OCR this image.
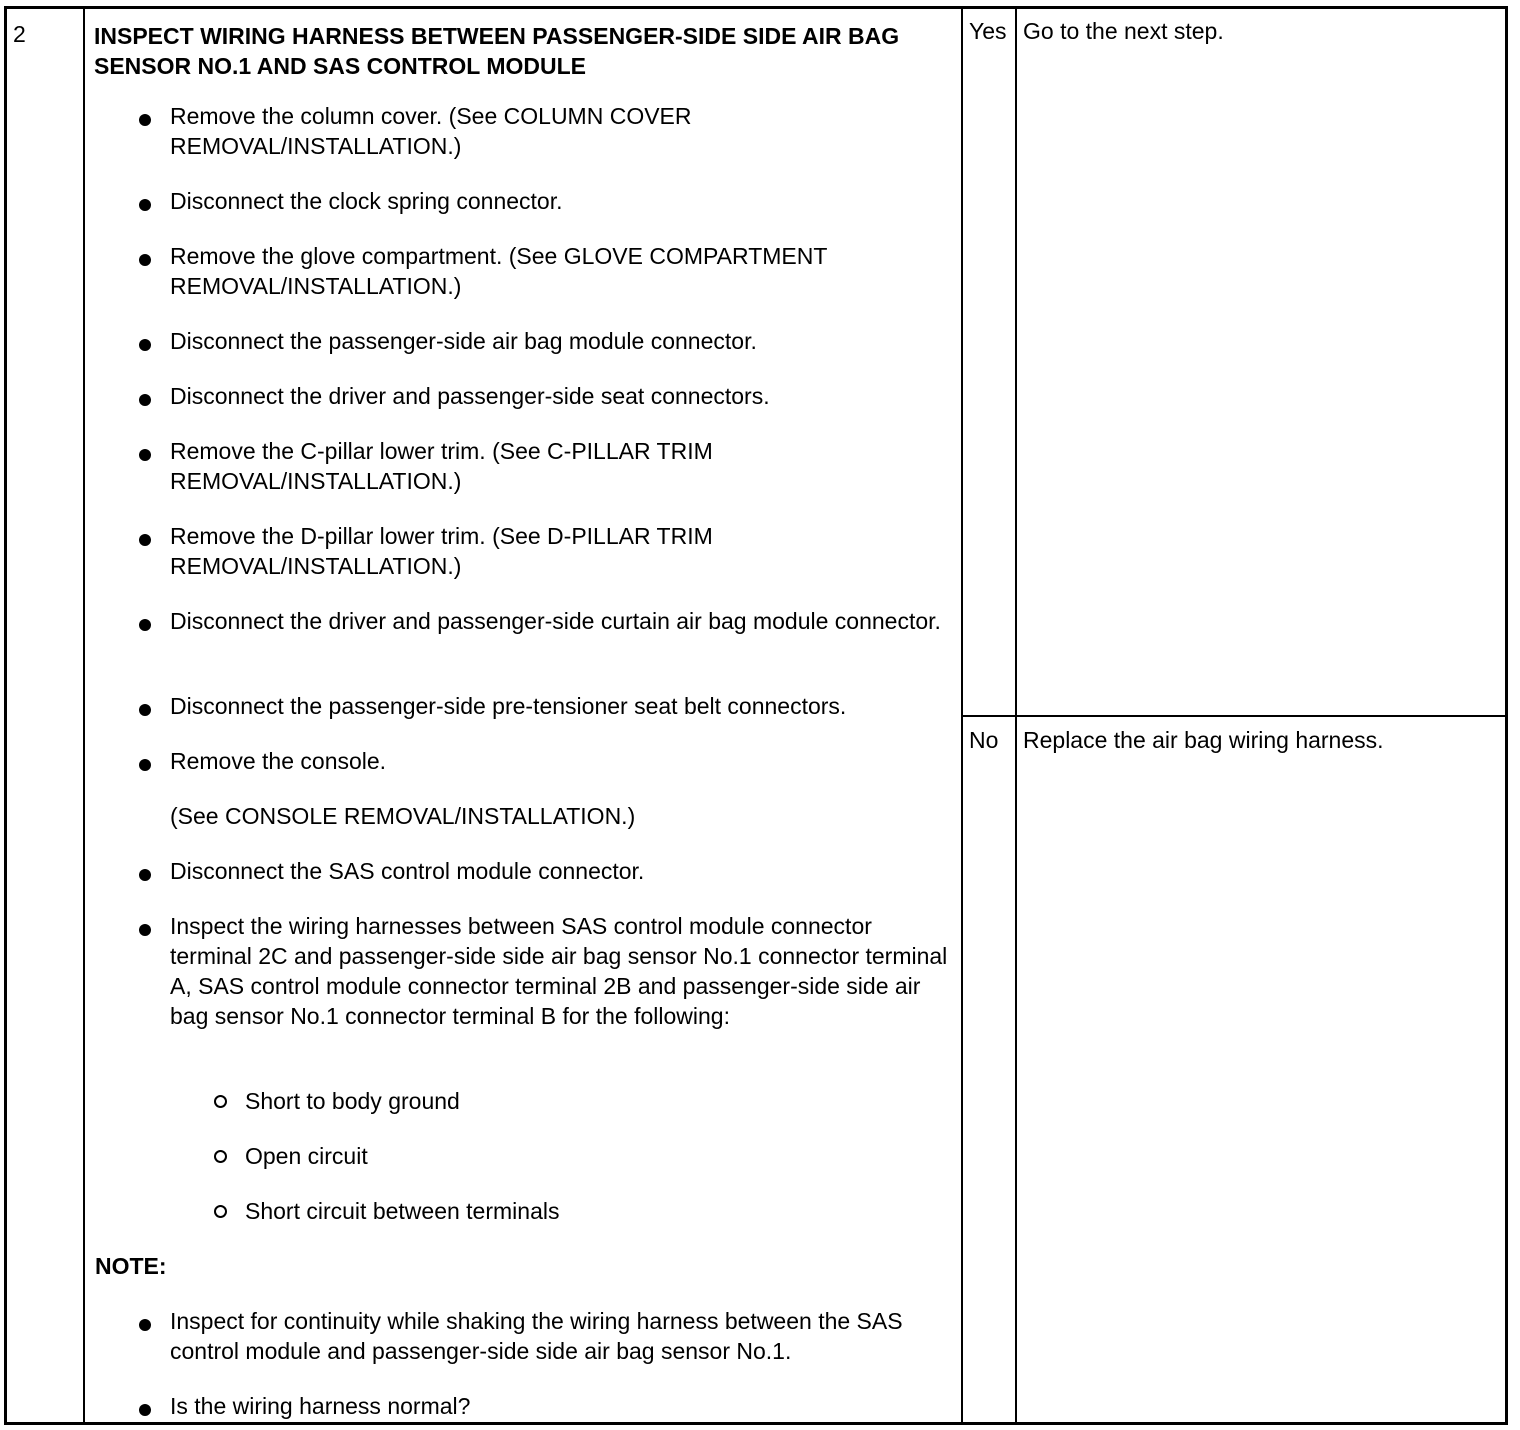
2	INSPECT WIRING HARNESS BETWEEN PASSENGER-SIDE SIDE AIR BAG SENSOR NO.1 AND SAS CONTROL MODULE
Remove the column cover. (See COLUMN COVER REMOVAL/INSTALLATION.)
Disconnect the clock spring connector.
Remove the glove compartment. (See GLOVE COMPARTMENT REMOVAL/INSTALLATION.)
Disconnect the passenger-side air bag module connector.
Disconnect the driver and passenger-side seat connectors.
Remove the C-pillar lower trim. (See C-PILLAR TRIM REMOVAL/INSTALLATION.)
Remove the D-pillar lower trim. (See D-PILLAR TRIM REMOVAL/INSTALLATION.)
Disconnect the driver and passenger-side curtain air bag module connector.
Disconnect the passenger-side pre-tensioner seat belt connectors.
Remove the console.
(See CONSOLE REMOVAL/INSTALLATION.)
Disconnect the SAS control module connector.
Inspect the wiring harnesses between SAS control module connector terminal 2C and passenger-side side air bag sensor No.1 connector terminal A, SAS control module connector terminal 2B and passenger-side side air bag sensor No.1 connector terminal B for the following:
Short to body ground
Open circuit
Short circuit between terminals
NOTE:
Inspect for continuity while shaking the wiring harness between the SAS control module and passenger-side side air bag sensor No.1.
Is the wiring harness normal?
Yes Go to the next step.
No Replace the air bag wiring harness.
